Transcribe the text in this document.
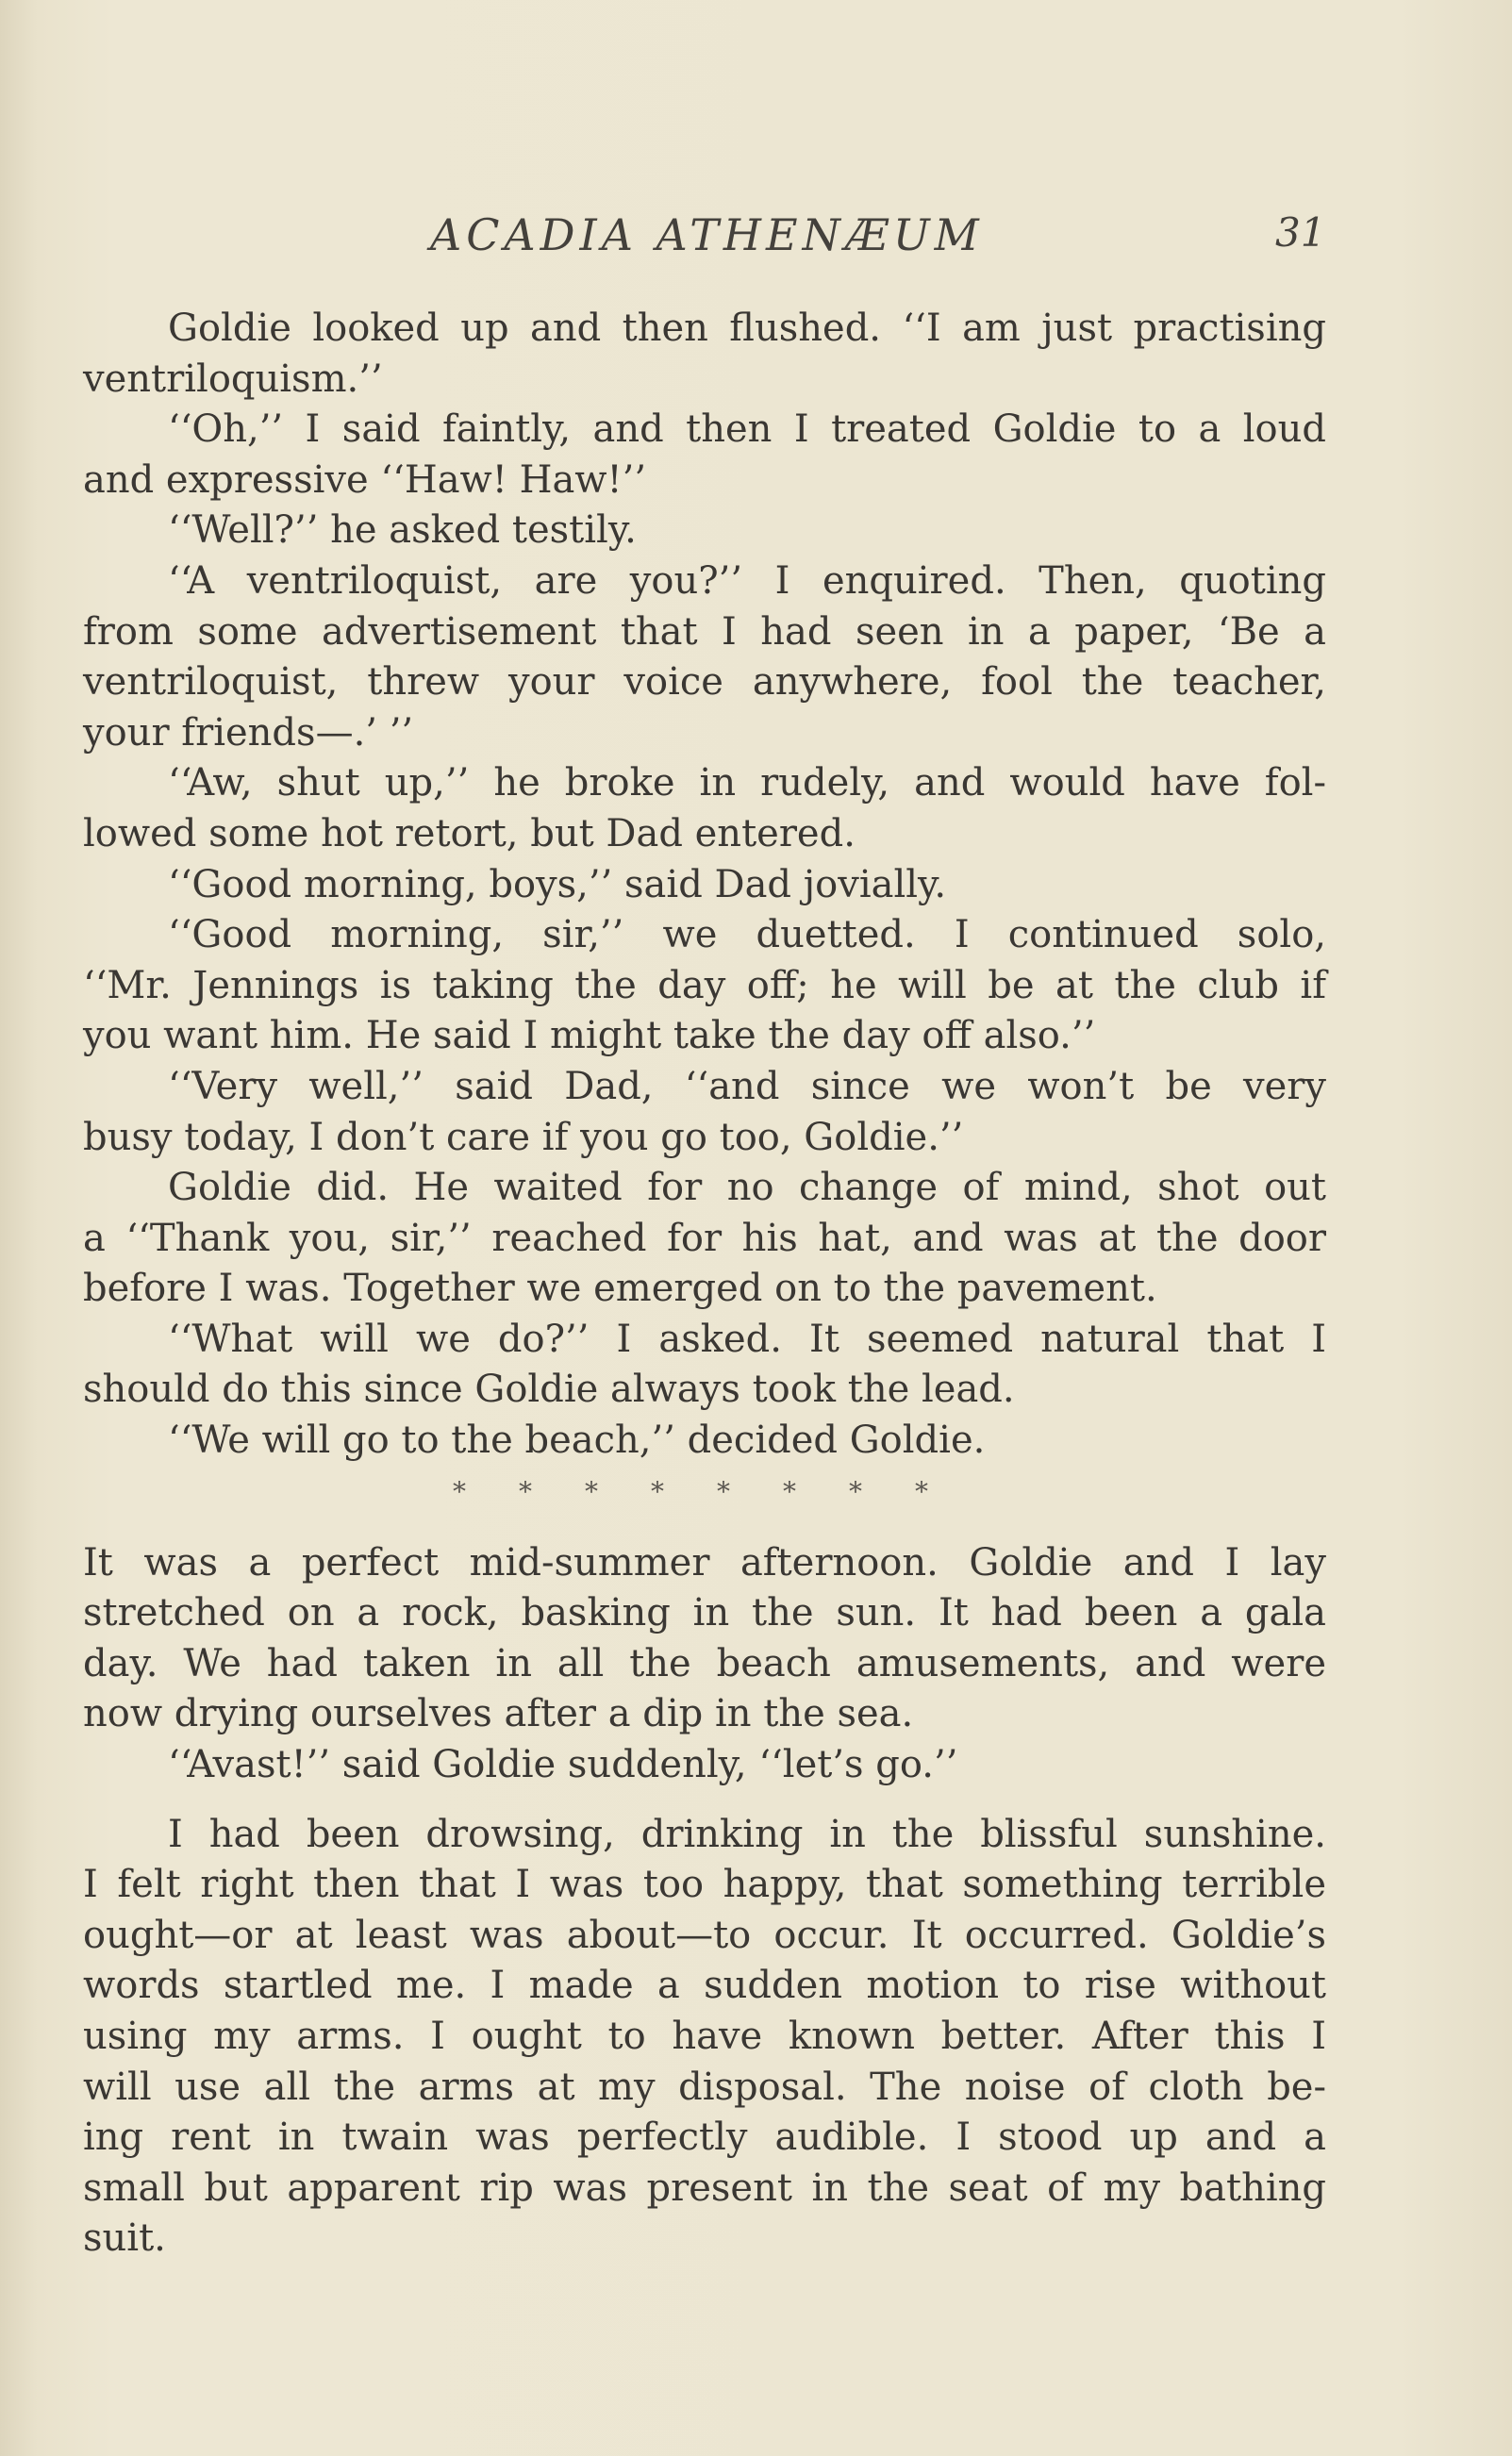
ACADIA ATHENÆUM	31
Goldie looked up and then flushed. ‘‘I am just practising
ventriloquism.’’
‘‘Oh,’’ I said faintly, and then I treated Goldie to a loud
and expressive ‘‘Haw! Haw!’’
‘‘Well?’’ he asked testily.
‘‘A ventriloquist, are you?’’ I enquired. Then, quoting
from some advertisement that I had seen in a paper, ‘Be a
ventriloquist, threw your voice anywhere, fool the teacher,
your friends—.’ ’’
‘‘Aw, shut up,’’ he broke in rudely, and would have fol-
lowed some hot retort, but Dad entered.
‘‘Good morning, boys,’’ said Dad jovially.
‘‘Good morning, sir,’’ we duetted. I continued solo,
‘‘Mr. Jennings is taking the day off; he will be at the club if
you want him. He said I might take the day off also.’’
‘‘Very well,’’ said Dad, ‘‘and since we won’t be very
busy today, I don’t care if you go too, Goldie.’’
Goldie did. He waited for no change of mind, shot out
a ‘‘Thank you, sir,’’ reached for his hat, and was at the door
before I was. Together we emerged on to the pavement.
‘‘What will we do?’’ I asked. It seemed natural that I
should do this since Goldie always took the lead.
‘‘We will go to the beach,’’ decided Goldie.
* * * * * * * *
It was a perfect mid-summer afternoon. Goldie and I lay
stretched on a rock, basking in the sun. It had been a gala
day. We had taken in all the beach amusements, and were
now drying ourselves after a dip in the sea.
‘‘Avast!’’ said Goldie suddenly, ‘‘let’s go.’’
I had been drowsing, drinking in the blissful sunshine.
I felt right then that I was too happy, that something terrible
ought—or at least was about—to occur. It occurred. Goldie’s
words startled me. I made a sudden motion to rise without
using my arms. I ought to have known better. After this I
will use all the arms at my disposal. The noise of cloth be-
ing rent in twain was perfectly audible. I stood up and a
small but apparent rip was present in the seat of my bathing
suit.
